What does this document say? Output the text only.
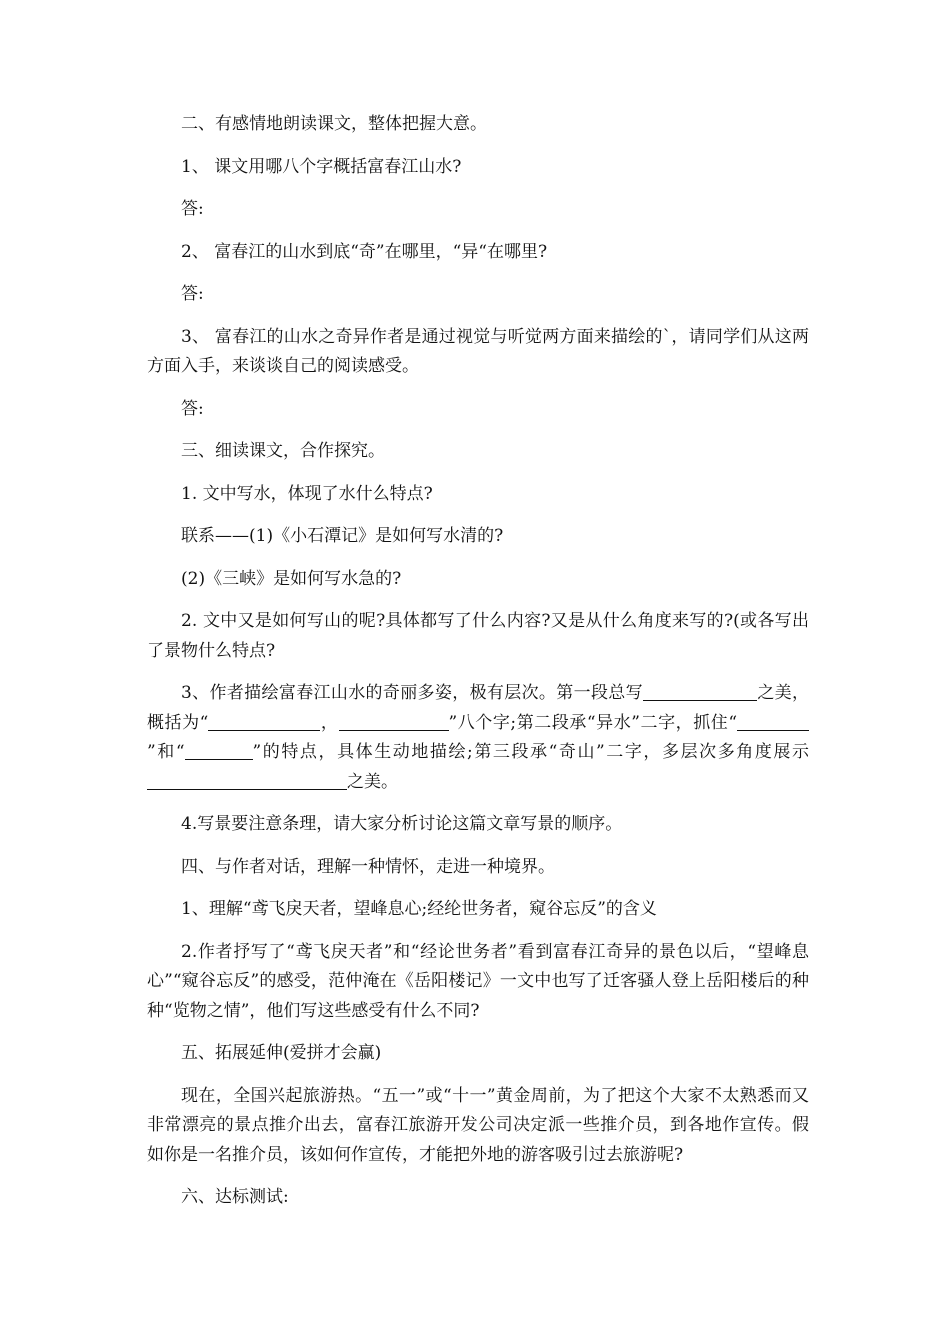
二、有感情地朗读课文，整体把握大意。

1、 课文用哪八个字概括富春江山水?

答:

2、 富春江的山水到底“奇”在哪里，“异“在哪里?

答:

3、 富春江的山水之奇异作者是通过视觉与听觉两方面来描绘的`，请同学们从这两方面入手，来谈谈自己的阅读感受。

答:

三、细读课文，合作探究。

1. 文中写水，体现了水什么特点?

联系——(1)《小石潭记》是如何写水清的?

(2)《三峡》是如何写水急的?

2. 文中又是如何写山的呢?具体都写了什么内容?又是从什么角度来写的?(或各写出了景物什么特点?

3、作者描绘富春江山水的奇丽多姿，极有层次。第一段总写	之美，概括为“	，	”八个字;第二段承“异水”二字，抓住“”和“	”的特点，具体生动地描绘;第三段承“奇山”二字，多层次多角度展示之美。

4.写景要注意条理，请大家分析讨论这篇文章写景的顺序。

四、与作者对话，理解一种情怀，走进一种境界。

1、理解“鸢飞戾天者，望峰息心;经纶世务者，窥谷忘反”的含义

2.作者抒写了“鸢飞戾天者”和“经论世务者”看到富春江奇异的景色以后，“望峰息心”“窥谷忘反”的感受，范仲淹在《岳阳楼记》一文中也写了迁客骚人登上岳阳楼后的种种“览物之情”，他们写这些感受有什么不同?

五、拓展延伸(爱拼才会赢)

现在，全国兴起旅游热。“五一”或“十一”黄金周前，为了把这个大家不太熟悉而又非常漂亮的景点推介出去，富春江旅游开发公司决定派一些推介员，到各地作宣传。假如你是一名推介员，该如何作宣传，才能把外地的游客吸引过去旅游呢?

六、达标测试:
